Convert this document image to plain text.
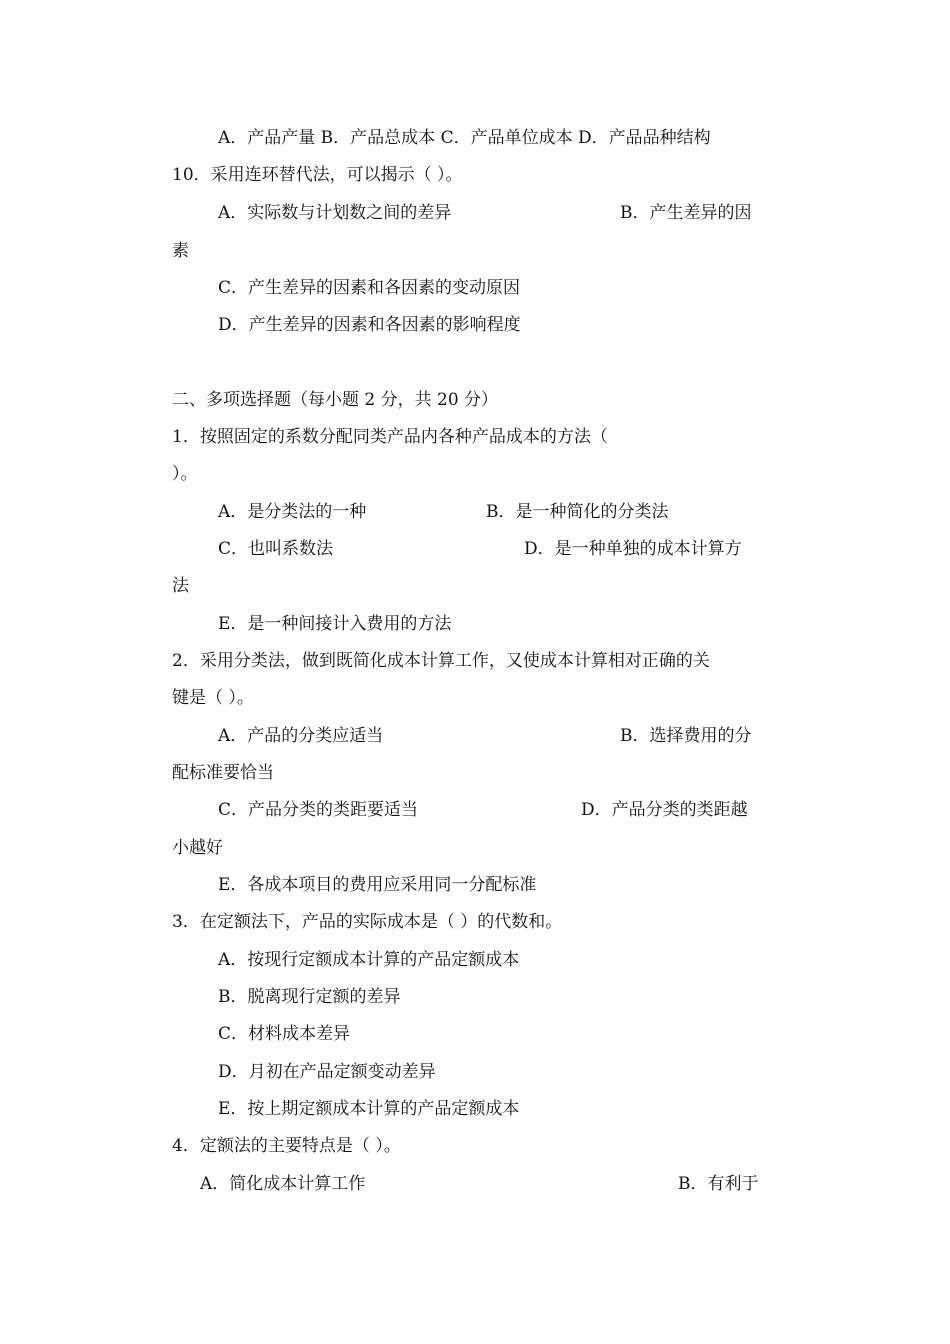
A．产品产量 B．产品总成本 C．产品单位成本 D．产品品种结构
10．采用连环替代法，可以揭示（ ）。
A．实际数与计划数之间的差异	B．产生差异的因
素
C．产生差异的因素和各因素的变动原因
D．产生差异的因素和各因素的影响程度
二、多项选择题（每小题 2 分，共 20 分）
1．按照固定的系数分配同类产品内各种产品成本的方法（
）。
A．是分类法的一种	B．是一种简化的分类法
C．也叫系数法	D．是一种单独的成本计算方
法
E．是一种间接计入费用的方法
2．采用分类法，做到既简化成本计算工作，又使成本计算相对正确的关
键是（ ）。
A．产品的分类应适当	B．选择费用的分
配标准要恰当
C．产品分类的类距要适当	D．产品分类的类距越
小越好
E．各成本项目的费用应采用同一分配标准
3．在定额法下，产品的实际成本是（ ）的代数和。
A．按现行定额成本计算的产品定额成本
B．脱离现行定额的差异
C．材料成本差异
D．月初在产品定额变动差异
E．按上期定额成本计算的产品定额成本
4．定额法的主要特点是（ ）。
A．简化成本计算工作	B．有利于
